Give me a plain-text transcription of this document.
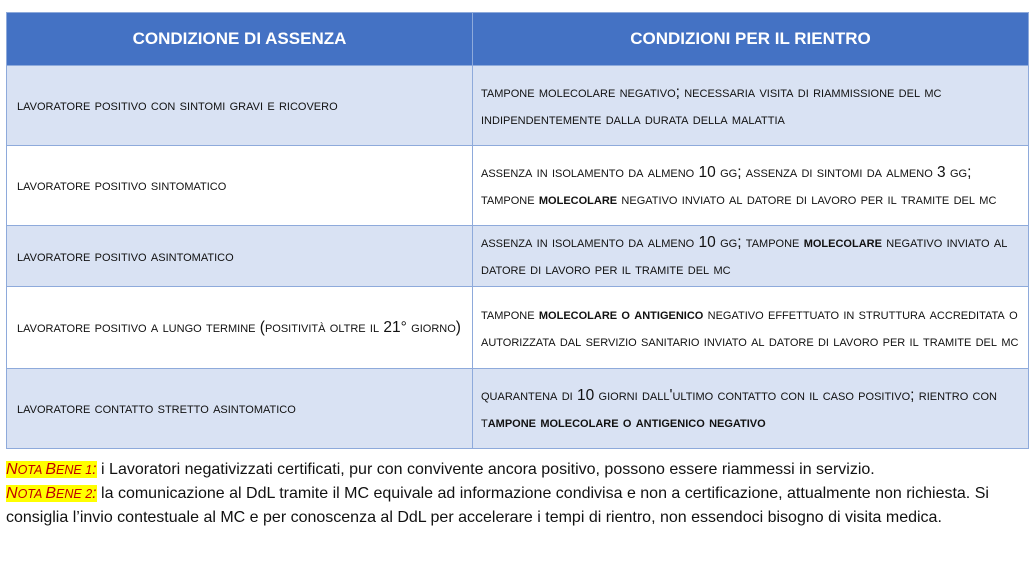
CONDIZIONE DI ASSENZA	CONDIZIONI PER IL RIENTRO
lavoratore positivo con sintomi gravi e ricovero	tampone molecolare negativo; necessaria visita di riammissione del mc indipendentemente dalla durata della malattia
lavoratore positivo sintomatico	assenza in isolamento da almeno 10 gg; assenza di sintomi da almeno 3 gg; tampone molecolare negativo inviato al datore di lavoro per il tramite del mc
lavoratore positivo asintomatico	assenza in isolamento da almeno 10 gg; tampone molecolare negativo inviato al datore di lavoro per il tramite del mc
lavoratore positivo a lungo termine (positività oltre il 21° giorno)	tampone molecolare o antigenico negativo effettuato in struttura accreditata o autorizzata dal servizio sanitario inviato al datore di lavoro per il tramite del mc
lavoratore contatto stretto asintomatico	quarantena di 10 giorni dall'ultimo contatto con il caso positivo; rientro con tampone molecolare o antigenico negativo

NOTA BENE 1: i Lavoratori negativizzati certificati, pur con convivente ancora positivo, possono essere riammessi in servizio.

NOTA BENE 2: la comunicazione al DdL tramite il MC equivale ad informazione condivisa e non a certificazione, attualmente non richiesta. Si consiglia l’invio contestuale al MC e per conoscenza al DdL per accelerare i tempi di rientro, non essendoci bisogno di visita medica.
